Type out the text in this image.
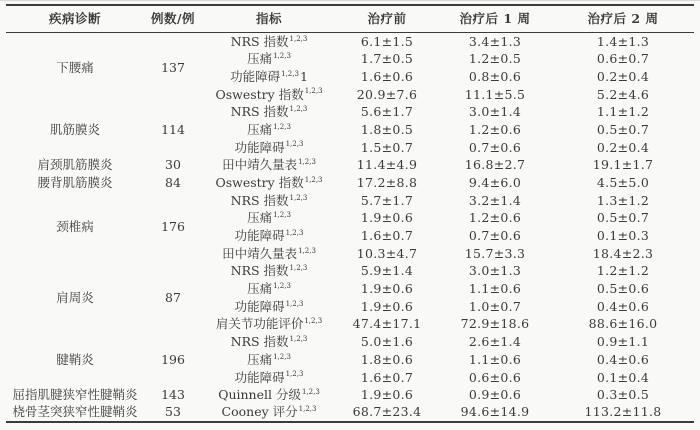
疾病诊断	例数/例	指标	治疗前	治疗后 1 周	治疗后 2 周
下腰痛	137	NRS 指数$^{1,2,3}$	6.1±1.5	3.4±1.3	1.4±1.3
		压痛$^{1,2,3}$	1.7±0.5	1.2±0.5	0.6±0.7
		功能障碍$^{1,2,3}$1	1.6±0.6	0.8±0.6	0.2±0.4
		Oswestry 指数$^{1,2,3}$	20.9±7.6	11.1±5.5	5.2±4.6
肌筋膜炎	114	NRS 指数$^{1,2,3}$	5.6±1.7	3.0±1.4	1.1±1.2
		压痛$^{1,2,3}$	1.8±0.5	1.2±0.6	0.5±0.7
		功能障碍$^{1,2,3}$	1.5±0.7	0.7±0.6	0.2±0.4
肩颈肌筋膜炎	30	田中靖久量表$^{1,2,3}$	11.4±4.9	16.8±2.7	19.1±1.7
腰背肌筋膜炎	84	Oswestry 指数$^{1,2,3}$	17.2±8.8	9.4±6.0	4.5±5.0
颈椎病	176	NRS 指数$^{1,2,3}$	5.7±1.7	3.2±1.4	1.3±1.2
		压痛$^{1,2,3}$	1.9±0.6	1.2±0.6	0.5±0.7
		功能障碍$^{1,2,3}$	1.6±0.7	0.7±0.6	0.1±0.3
		田中靖久量表$^{1,2,3}$	10.3±4.7	15.7±3.3	18.4±2.3
肩周炎	87	NRS 指数$^{1,2,3}$	5.9±1.4	3.0±1.3	1.2±1.2
		压痛$^{1,2,3}$	1.9±0.6	1.1±0.6	0.5±0.6
		功能障碍$^{1,2,3}$	1.9±0.6	1.0±0.7	0.4±0.6
		肩关节功能评价$^{1,2,3}$	47.4±17.1	72.9±18.6	88.6±16.0
腱鞘炎	196	NRS 指数$^{1,2,3}$	5.0±1.6	2.6±1.4	0.9±1.1
		压痛$^{1,2,3}$	1.8±0.6	1.1±0.6	0.4±0.6
		功能障碍$^{1,2,3}$	1.6±0.7	0.6±0.6	0.1±0.4
屈指肌腱狭窄性腱鞘炎	143	Quinnell 分级$^{1,2,3}$	1.9±0.6	0.9±0.6	0.3±0.5
桡骨茎突狭窄性腱鞘炎	53	Cooney 评分$^{1,2,3}$	68.7±23.4	94.6±14.9	113.2±11.8
